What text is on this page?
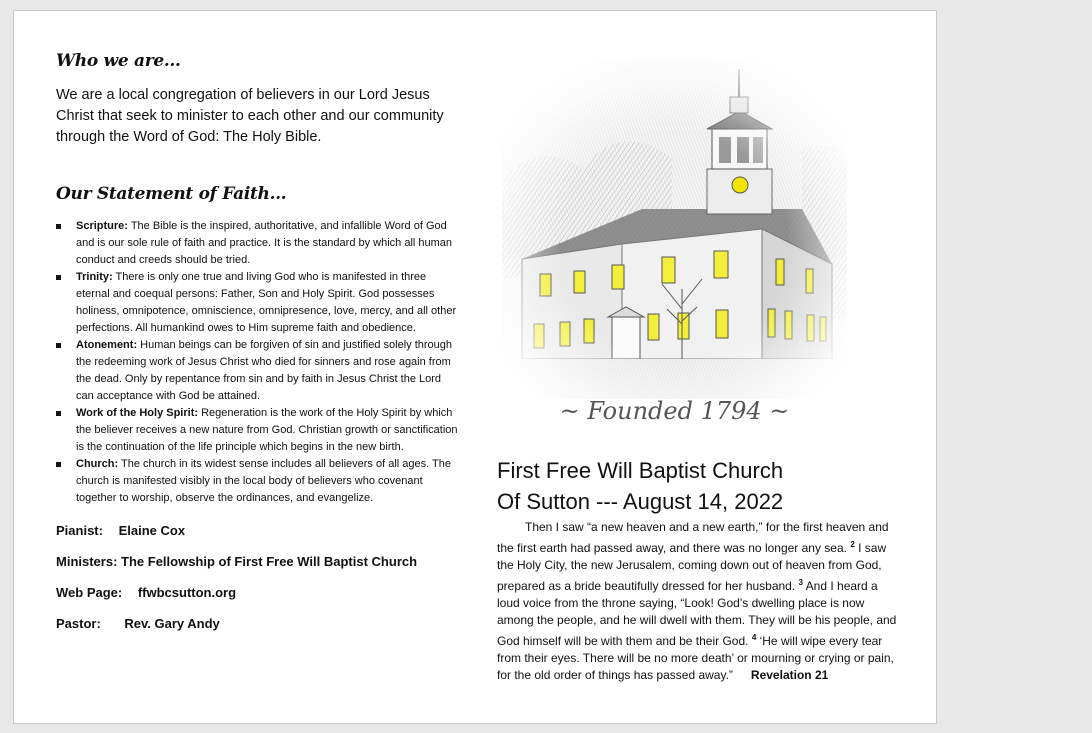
Who we are…

We are a local congregation of believers in our Lord Jesus Christ that seek to minister to each other and our community through the Word of God: The Holy Bible.

Our Statement of Faith…
Scripture: The Bible is the inspired, authoritative, and infallible Word of God and is our sole rule of faith and practice. It is the standard by which all human conduct and creeds should be tried.
Trinity: There is only one true and living God who is manifested in three eternal and coequal persons: Father, Son and Holy Spirit. God possesses holiness, omnipotence, omniscience, omnipresence, love, mercy, and all other perfections. All humankind owes to Him supreme faith and obedience.
Atonement: Human beings can be forgiven of sin and justified solely through the redeeming work of Jesus Christ who died for sinners and rose again from the dead. Only by repentance from sin and by faith in Jesus Christ the Lord can acceptance with God be attained.
Work of the Holy Spirit: Regeneration is the work of the Holy Spirit by which the believer receives a new nature from God. Christian growth or sanctification is the continuation of the life principle which begins in the new birth.
Church: The church in its widest sense includes all believers of all ages. The church is manifested visibly in the local body of believers who covenant together to worship, observe the ordinances, and evangelize.
Pianist: Elaine Cox
Ministers: The Fellowship of First Free Will Baptist Church
Web Page: ffwbcsutton.org
Pastor: Rev. Gary Andy
~ Founded 1794 ~
First Free Will Baptist Church
Of Sutton --- August 14, 2022

Then I saw “a new heaven and a new earth,” for the first heaven and the first earth had passed away, and there was no longer any sea. $^2$ I saw the Holy City, the new Jerusalem, coming down out of heaven from God, prepared as a bride beautifully dressed for her husband. $^3$ And I heard a loud voice from the throne saying, “Look! God’s dwelling place is now among the people, and he will dwell with them. They will be his people, and God himself will be with them and be their God. $^4$ ‘He will wipe every tear from their eyes. There will be no more death’ or mourning or crying or pain, for the old order of things has passed away.” Revelation 21
